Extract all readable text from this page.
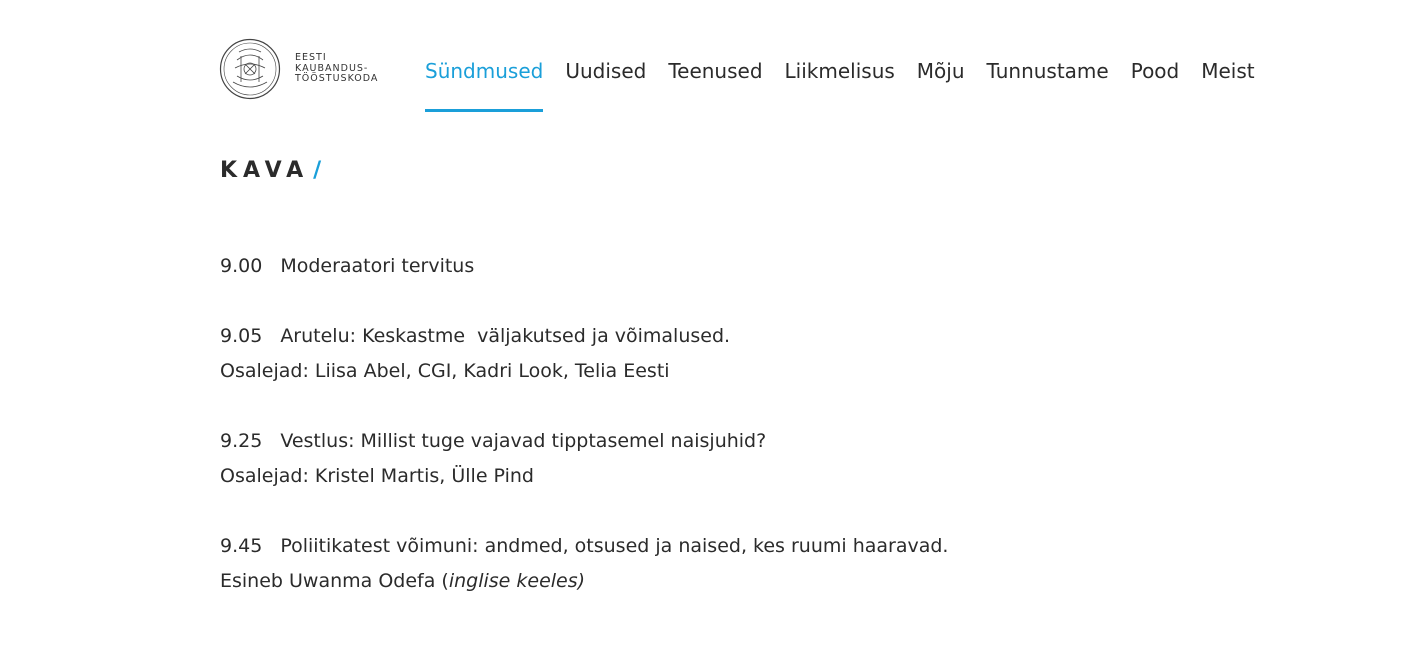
EESTI
KAUBANDUS-
TÖÖSTUSKODA Sündmused Uudised Teenused Liikmelisus Mõju Tunnustame Pood Meist
KAVA /
9.00 Moderaatori tervitus
9.05 Arutelu: Keskastme  väljakutsed ja võimalused.
Osalejad: Liisa Abel, CGI, Kadri Look, Telia Eesti
9.25 Vestlus: Millist tuge vajavad tipptasemel naisjuhid?
Osalejad: Kristel Martis, Ülle Pind
9.45 Poliitikatest võimuni: andmed, otsused ja naised, kes ruumi haaravad.
Esineb Uwanma Odefa (inglise keeles)
